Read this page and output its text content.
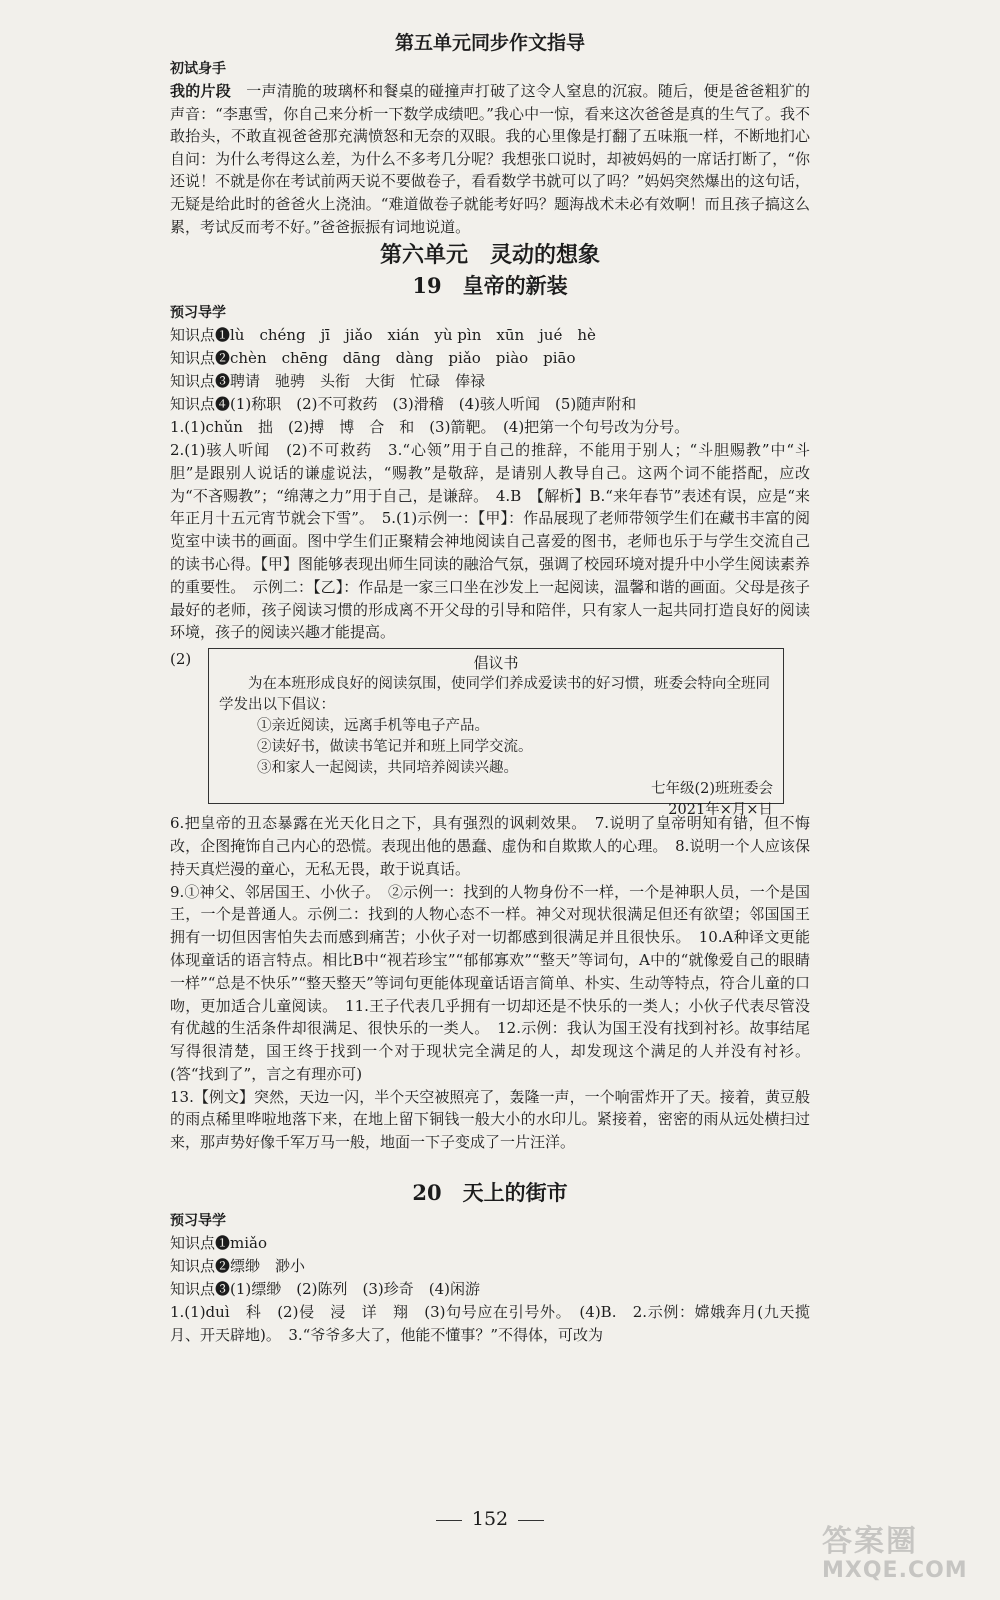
第五单元同步作文指导
初试身手

我的片段　 一声清脆的玻璃杯和餐桌的碰撞声打破了这令人窒息的沉寂。随后，便是爸爸粗犷的声音：“李惠雪，你自己来分析一下数学成绩吧。”我心中一惊，看来这次爸爸是真的生气了。我不敢抬头，不敢直视爸爸那充满愤怒和无奈的双眼。我的心里像是打翻了五味瓶一样，不断地扪心自问：为什么考得这么差，为什么不多考几分呢？我想张口说时，却被妈妈的一席话打断了，“你还说！不就是你在考试前两天说不要做卷子，看看数学书就可以了吗？”妈妈突然爆出的这句话，无疑是给此时的爸爸火上浇油。“难道做卷子就能考好吗？题海战术未必有效啊！而且孩子搞这么累，考试反而考不好。”爸爸振振有词地说道。

第六单元　灵动的想象
19　皇帝的新装
预习导学

知识点❶lù　chéng　jī　jiǎo　xián　yù pìn　xūn　jué　hè

知识点❷chèn　chēng　dāng　dàng　piǎo　piào　piāo

知识点❸聘请　驰骋　头衔　大街　忙碌　俸禄

知识点❹(1)称职　(2)不可救药　(3)滑稽　(4)骇人听闻　(5)随声附和

1.(1)chǔn　拙　(2)搏　博　合　和　(3)箭靶。　(4)把第一个句号改为分号。

2.(1)骇人听闻　(2)不可救药　3.“心领”用于自己的推辞，不能用于别人；“斗胆赐教”中“斗胆”是跟别人说话的谦虚说法，“赐教”是敬辞，是请别人教导自己。这两个词不能搭配，应改为“不吝赐教”；“绵薄之力”用于自己，是谦辞。　4.B　【解析】B.“来年春节”表述有误，应是“来年正月十五元宵节就会下雪”。　5.(1)示例一：【甲】：作品展现了老师带领学生们在藏书丰富的阅览室中读书的画面。图中学生们正聚精会神地阅读自己喜爱的图书，老师也乐于与学生交流自己的读书心得。【甲】图能够表现出师生同读的融洽气氛，强调了校园环境对提升中小学生阅读素养的重要性。　示例二：【乙】：作品是一家三口坐在沙发上一起阅读，温馨和谐的画面。父母是孩子最好的老师，孩子阅读习惯的形成离不开父母的引导和陪伴，只有家人一起共同打造良好的阅读环境，孩子的阅读兴趣才能提高。

(2)	倡议书

为在本班形成良好的阅读氛围，使同学们养成爱读书的好习惯，班委会特向全班同学发出以下倡议：

①亲近阅读，远离手机等电子产品。

②读好书，做读书笔记并和班上同学交流。

③和家人一起阅读，共同培养阅读兴趣。

七年级(2)班班委会
2021年×月×日

6.把皇帝的丑态暴露在光天化日之下，具有强烈的讽刺效果。　7.说明了皇帝明知有错，但不悔改，企图掩饰自己内心的恐慌。表现出他的愚蠢、虚伪和自欺欺人的心理。　8.说明一个人应该保持天真烂漫的童心，无私无畏，敢于说真话。

9.①神父、邻居国王、小伙子。　②示例一：找到的人物身份不一样，一个是神职人员，一个是国王，一个是普通人。示例二：找到的人物心态不一样。神父对现状很满足但还有欲望；邻国国王拥有一切但因害怕失去而感到痛苦；小伙子对一切都感到很满足并且很快乐。　10.A种译文更能体现童话的语言特点。相比B中“视若珍宝”“郁郁寡欢”“整天”等词句，A中的“就像爱自己的眼睛一样”“总是不快乐”“整天整天”等词句更能体现童话语言简单、朴实、生动等特点，符合儿童的口吻，更加适合儿童阅读。　11.王子代表几乎拥有一切却还是不快乐的一类人；小伙子代表尽管没有优越的生活条件却很满足、很快乐的一类人。　12.示例：我认为国王没有找到衬衫。故事结尾写得很清楚，国王终于找到一个对于现状完全满足的人，却发现这个满足的人并没有衬衫。(答“找到了”，言之有理亦可)

13.【例文】突然，天边一闪，半个天空被照亮了，轰隆一声，一个响雷炸开了天。接着，黄豆般的雨点稀里哗啦地落下来，在地上留下铜钱一般大小的水印儿。紧接着，密密的雨从远处横扫过来，那声势好像千军万马一般，地面一下子变成了一片汪洋。

20　天上的街市
预习导学

知识点❶miǎo

知识点❷缥缈　渺小

知识点❸(1)缥缈　(2)陈列　(3)珍奇　(4)闲游

1.(1)duì　科　(2)侵　浸　详　翔　(3)句号应在引号外。　(4)B.　2.示例：嫦娥奔月(九天揽月、开天辟地)。　3.“爷爷多大了，他能不懂事？”不得体，可改为

152
答案圈
MXQE.COM
